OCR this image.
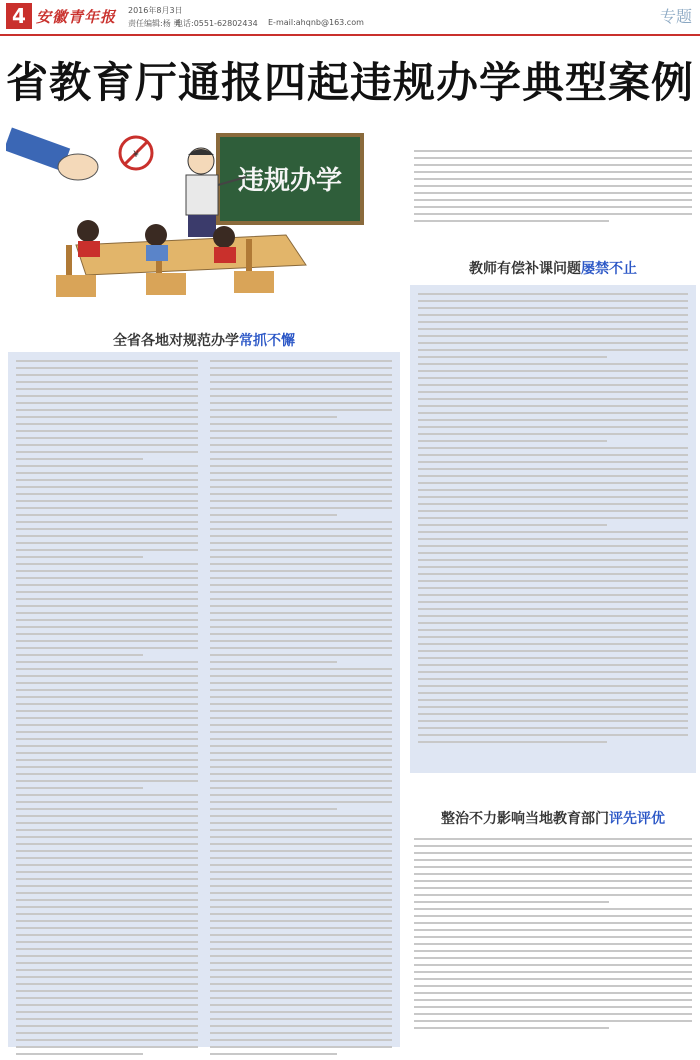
4 安徽青年报 2016年8月3日
责任编辑:杨 勇
电话:0551-62802434 E-mail:ahqnb@163.com	专题
省教育厅通报四起违规办学典型案例
¥
违规办学
教师有偿补课问题屡禁不止
全省各地对规范办学常抓不懈
整治不力影响当地教育部门评先评优
